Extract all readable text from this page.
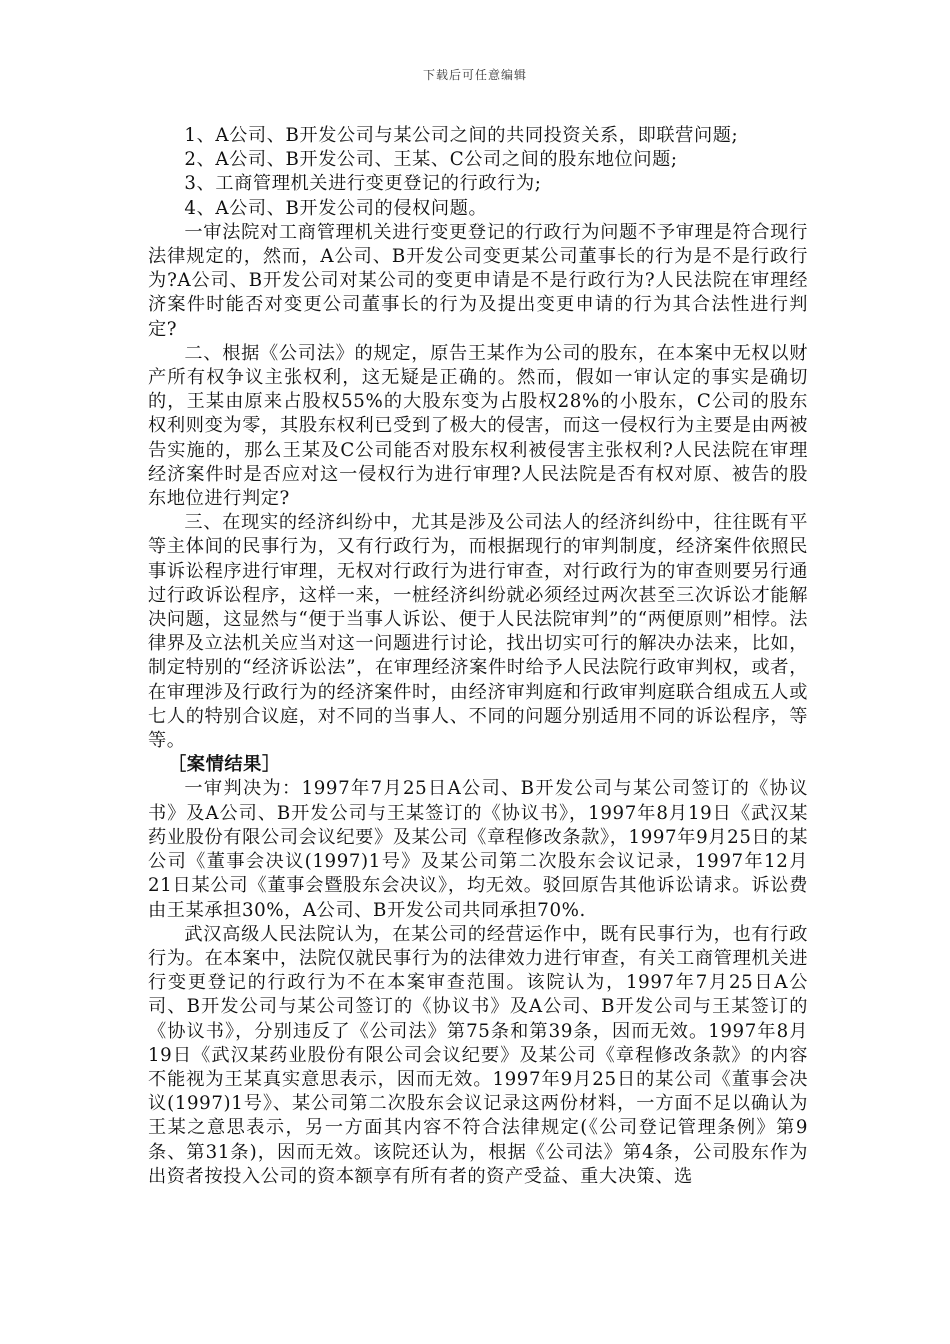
下载后可任意编辑

1、A公司、B开发公司与某公司之间的共同投资关系，即联营问题;

2、A公司、B开发公司、王某、C公司之间的股东地位问题;

3、工商管理机关进行变更登记的行政行为;

4、A公司、B开发公司的侵权问题。

一审法院对工商管理机关进行变更登记的行政行为问题不予审理是符合现行法律规定的，然而，A公司、B开发公司变更某公司董事长的行为是不是行政行为?A公司、B开发公司对某公司的变更申请是不是行政行为?人民法院在审理经济案件时能否对变更公司董事长的行为及提出变更申请的行为其合法性进行判定?

二、根据《公司法》的规定，原告王某作为公司的股东，在本案中无权以财产所有权争议主张权利，这无疑是正确的。然而，假如一审认定的事实是确切的，王某由原来占股权55%的大股东变为占股权28%的小股东，C公司的股东权利则变为零，其股东权利已受到了极大的侵害，而这一侵权行为主要是由两被告实施的，那么王某及C公司能否对股东权利被侵害主张权利?人民法院在审理经济案件时是否应对这一侵权行为进行审理?人民法院是否有权对原、被告的股东地位进行判定?

三、在现实的经济纠纷中，尤其是涉及公司法人的经济纠纷中，往往既有平等主体间的民事行为，又有行政行为，而根据现行的审判制度，经济案件依照民事诉讼程序进行审理，无权对行政行为进行审查，对行政行为的审查则要另行通过行政诉讼程序，这样一来，一桩经济纠纷就必须经过两次甚至三次诉讼才能解决问题，这显然与“便于当事人诉讼、便于人民法院审判”的“两便原则”相悖。法律界及立法机关应当对这一问题进行讨论，找出切实可行的解决办法来，比如，制定特别的“经济诉讼法”，在审理经济案件时给予人民法院行政审判权，或者，在审理涉及行政行为的经济案件时，由经济审判庭和行政审判庭联合组成五人或七人的特别合议庭，对不同的当事人、不同的问题分别适用不同的诉讼程序，等等。

［案情结果］

一审判决为：1997年7月25日A公司、B开发公司与某公司签订的《协议书》及A公司、B开发公司与王某签订的《协议书》，1997年8月19日《武汉某药业股份有限公司会议纪要》及某公司《章程修改条款》，1997年9月25日的某公司《董事会决议(1997)1号》及某公司第二次股东会议记录，1997年12月21日某公司《董事会暨股东会决议》，均无效。驳回原告其他诉讼请求。诉讼费由王某承担30%，A公司、B开发公司共同承担70%.

武汉高级人民法院认为，在某公司的经营运作中，既有民事行为，也有行政行为。在本案中，法院仅就民事行为的法律效力进行审查，有关工商管理机关进行变更登记的行政行为不在本案审查范围。该院认为，1997年7月25日A公司、B开发公司与某公司签订的《协议书》及A公司、B开发公司与王某签订的《协议书》，分别违反了《公司法》第75条和第39条，因而无效。1997年8月19日《武汉某药业股份有限公司会议纪要》及某公司《章程修改条款》的内容不能视为王某真实意思表示，因而无效。1997年9月25日的某公司《董事会决议(1997)1号》、某公司第二次股东会议记录这两份材料，一方面不足以确认为王某之意思表示，另一方面其内容不符合法律规定(《公司登记管理条例》第9条、第31条)，因而无效。该院还认为，根据《公司法》第4条，公司股东作为出资者按投入公司的资本额享有所有者的资产受益、重大决策、选
